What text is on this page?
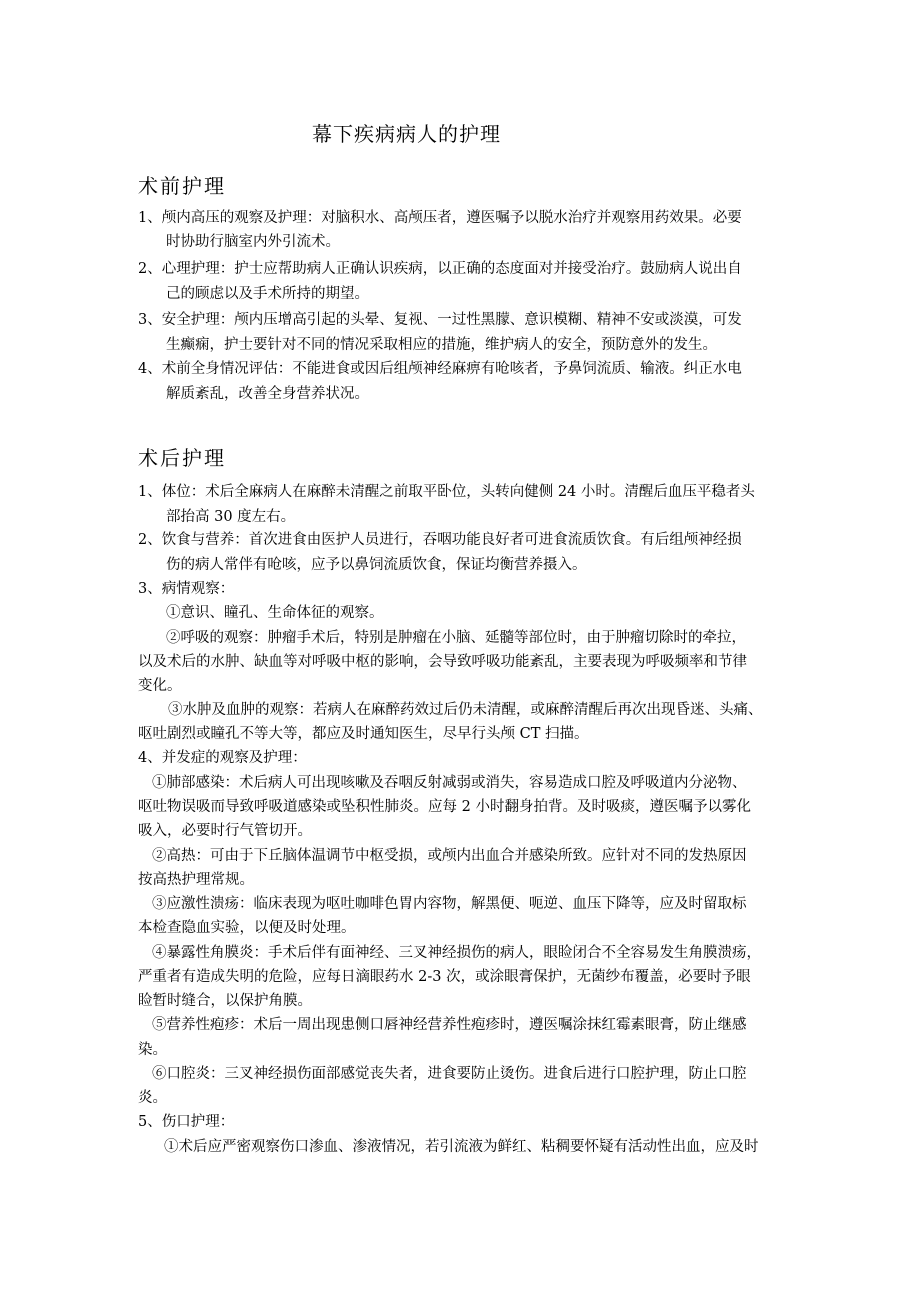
幕下疾病病人的护理
术前护理
1、颅内高压的观察及护理：对脑积水、高颅压者，遵医嘱予以脱水治疗并观察用药效果。必要
时协助行脑室内外引流术。
2、心理护理：护士应帮助病人正确认识疾病，以正确的态度面对并接受治疗。鼓励病人说出自
己的顾虑以及手术所持的期望。
3、安全护理：颅内压增高引起的头晕、复视、一过性黑朦、意识模糊、精神不安或淡漠，可发
生癫痫，护士要针对不同的情况采取相应的措施，维护病人的安全，预防意外的发生。
4、术前全身情况评估：不能进食或因后组颅神经麻痹有呛咳者，予鼻饲流质、输液。纠正水电
解质紊乱，改善全身营养状况。
术后护理
1、体位：术后全麻病人在麻醉未清醒之前取平卧位，头转向健侧 24 小时。清醒后血压平稳者头
部抬高 30 度左右。
2、饮食与营养：首次进食由医护人员进行，吞咽功能良好者可进食流质饮食。有后组颅神经损
伤的病人常伴有呛咳，应予以鼻饲流质饮食，保证均衡营养摄入。
3、病情观察：
①意识、瞳孔、生命体征的观察。
②呼吸的观察：肿瘤手术后，特别是肿瘤在小脑、延髓等部位时，由于肿瘤切除时的牵拉，
以及术后的水肿、缺血等对呼吸中枢的影响，会导致呼吸功能紊乱，主要表现为呼吸频率和节律
变化。
③水肿及血肿的观察：若病人在麻醉药效过后仍未清醒，或麻醉清醒后再次出现昏迷、头痛、
呕吐剧烈或瞳孔不等大等，都应及时通知医生，尽早行头颅 CT 扫描。
4、并发症的观察及护理：
①肺部感染：术后病人可出现咳嗽及吞咽反射减弱或消失，容易造成口腔及呼吸道内分泌物、
呕吐物误吸而导致呼吸道感染或坠积性肺炎。应每 2 小时翻身拍背。及时吸痰，遵医嘱予以雾化
吸入，必要时行气管切开。
②高热：可由于下丘脑体温调节中枢受损，或颅内出血合并感染所致。应针对不同的发热原因
按高热护理常规。
③应激性溃疡：临床表现为呕吐咖啡色胃内容物，解黑便、呃逆、血压下降等，应及时留取标
本检查隐血实验，以便及时处理。
④暴露性角膜炎：手术后伴有面神经、三叉神经损伤的病人，眼睑闭合不全容易发生角膜溃疡，
严重者有造成失明的危险，应每日滴眼药水 2-3 次，或涂眼膏保护，无菌纱布覆盖，必要时予眼
睑暂时缝合，以保护角膜。
⑤营养性疱疹：术后一周出现患侧口唇神经营养性疱疹时，遵医嘱涂抹红霉素眼膏，防止继感
染。
⑥口腔炎：三叉神经损伤面部感觉丧失者，进食要防止烫伤。进食后进行口腔护理，防止口腔
炎。
5、伤口护理：
①术后应严密观察伤口渗血、渗液情况，若引流液为鲜红、粘稠要怀疑有活动性出血，应及时
